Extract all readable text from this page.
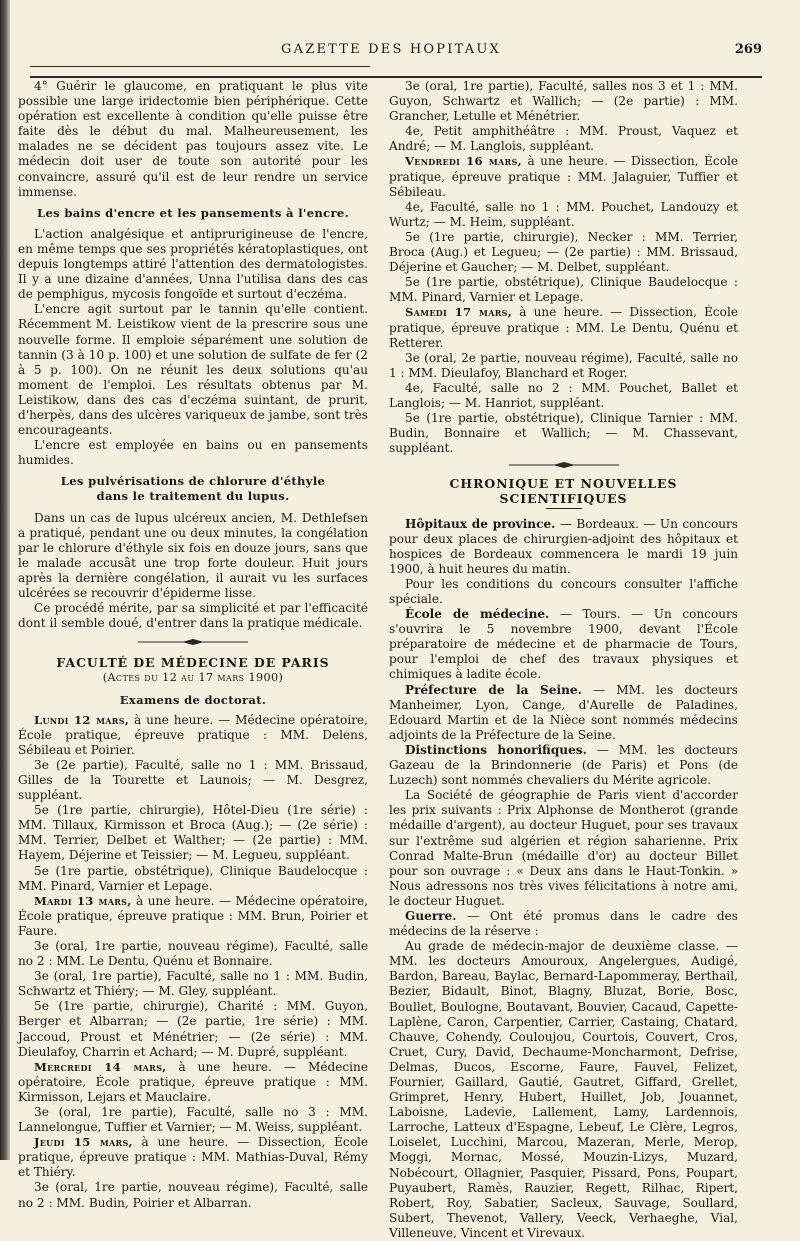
GAZETTE DES HOPITAUX	269

4° Guérir le glaucome, en pratiquant le plus vite possible une large iridectomie bien périphérique. Cette opération est excellente à condition qu'elle puisse être faite dès le début du mal. Malheureusement, les malades ne se décident pas toujours assez vite. Le médecin doit user de toute son autorité pour les convaincre, assuré qu'il est de leur rendre un service immense.

Les bains d'encre et les pansements à l'encre.

L'action analgésique et antiprurigineuse de l'encre, en même temps que ses propriétés kératoplastiques, ont depuis longtemps attiré l'attention des dermatologistes. Il y a une dizaine d'années, Unna l'utilisa dans des cas de pemphigus, mycosis fongoïde et surtout d'eczéma.

L'encre agit surtout par le tannin qu'elle contient. Récemment M. Leistikow vient de la prescrire sous une nouvelle forme. Il emploie séparément une solution de tannin (3 à 10 p. 100) et une solution de sulfate de fer (2 à 5 p. 100). On ne réunit les deux solutions qu'au moment de l'emploi. Les résultats obtenus par M. Leistikow, dans des cas d'eczéma suintant, de prurit, d'herpès, dans des ulcères variqueux de jambe, sont très encourageants.

L'encre est employée en bains ou en pansements humides.

Les pulvérisations de chlorure d'éthyle

dans le traitement du lupus.

Dans un cas de lupus ulcéreux ancien, M. Dethlefsen a pratiqué, pendant une ou deux minutes, la congélation par le chlorure d'éthyle six fois en douze jours, sans que le malade accusât une trop forte douleur. Huit jours après la dernière congélation, il aurait vu les surfaces ulcérées se recouvrir d'épiderme lisse.

Ce procédé mérite, par sa simplicité et par l'efficacité dont il semble doué, d'entrer dans la pratique médicale.

FACULTÉ DE MÉDECINE DE PARIS

(Actes du 12 au 17 mars 1900)

Examens de doctorat.

Lundi 12 mars, à une heure. — Médecine opératoire, École pratique, épreuve pratique : MM. Delens, Sébileau et Poirier.

3e (2e partie), Faculté, salle no 1 : MM. Brissaud, Gilles de la Tourette et Launois; — M. Desgrez, suppléant.

5e (1re partie, chirurgie), Hôtel-Dieu (1re série) : MM. Tillaux, Kirmisson et Broca (Aug.); — (2e série) : MM. Terrier, Delbet et Walther; — (2e partie) : MM. Hayem, Déjerine et Teissier; — M. Legueu, suppléant.

5e (1re partie, obstétrique), Clinique Baudelocque : MM. Pinard, Varnier et Lepage.

Mardi 13 mars, à une heure. — Médecine opératoire, École pratique, épreuve pratique : MM. Brun, Poirier et Faure.

3e (oral, 1re partie, nouveau régime), Faculté, salle no 2 : MM. Le Dentu, Quénu et Bonnaire.

3e (oral, 1re partie), Faculté, salle no 1 : MM. Budin, Schwartz et Thiéry; — M. Gley, suppléant.

5e (1re partie, chirurgie), Charité : MM. Guyon, Berger et Albarran; — (2e partie, 1re série) : MM. Jaccoud, Proust et Ménétrier; — (2e série) : MM. Dieulafoy, Charrin et Achard; — M. Dupré, suppléant.

Mercredi 14 mars, à une heure. — Médecine opératoire, École pratique, épreuve pratique : MM. Kirmisson, Lejars et Mauclaire.

3e (oral, 1re partie), Faculté, salle no 3 : MM. Lannelongue, Tuffier et Varnier; — M. Weiss, suppléant.

Jeudi 15 mars, à une heure. — Dissection, École pratique, épreuve pratique : MM. Mathias-Duval, Rémy et Thiéry.

3e (oral, 1re partie, nouveau régime), Faculté, salle no 2 : MM. Budin, Poirier et Albarran.

3e (oral, 1re partie), Faculté, salles nos 3 et 1 : MM. Guyon, Schwartz et Wallich; — (2e partie) : MM. Grancher, Letulle et Ménétrier.

4e, Petit amphithéâtre : MM. Proust, Vaquez et André; — M. Langlois, suppléant.

Vendredi 16 mars, à une heure. — Dissection, École pratique, épreuve pratique : MM. Jalaguier, Tuffier et Sébileau.

4e, Faculté, salle no 1 : MM. Pouchet, Landouzy et Wurtz; — M. Heim, suppléant.

5e (1re partie, chirurgie), Necker : MM. Terrier, Broca (Aug.) et Legueu; — (2e partie) : MM. Brissaud, Déjerine et Gaucher; — M. Delbet, suppléant.

5e (1re partie, obstétrique), Clinique Baudelocque : MM. Pinard, Varnier et Lepage.

Samedi 17 mars, à une heure. — Dissection, École pratique, épreuve pratique : MM. Le Dentu, Quénu et Retterer.

3e (oral, 2e partie, nouveau régime), Faculté, salle no 1 : MM. Dieulafoy, Blanchard et Roger.

4e, Faculté, salle no 2 : MM. Pouchet, Ballet et Langlois; — M. Hanriot, suppléant.

5e (1re partie, obstétrique), Clinique Tarnier : MM. Budin, Bonnaire et Wallich; — M. Chassevant, suppléant.

CHRONIQUE ET NOUVELLES SCIENTIFIQUES

Hôpitaux de province. — Bordeaux. — Un concours pour deux places de chirurgien-adjoint des hôpitaux et hospices de Bordeaux commencera le mardi 19 juin 1900, à huit heures du matin.

Pour les conditions du concours consulter l'affiche spéciale.

École de médecine. — Tours. — Un concours s'ouvrira le 5 novembre 1900, devant l'École préparatoire de médecine et de pharmacie de Tours, pour l'emploi de chef des travaux physiques et chimiques à ladite école.

Préfecture de la Seine. — MM. les docteurs Manheimer, Lyon, Cange, d'Aurelle de Paladines, Edouard Martin et de la Nièce sont nommés médecins adjoints de la Préfecture de la Seine.

Distinctions honorifiques. — MM. les docteurs Gazeau de la Brindonnerie (de Paris) et Pons (de Luzech) sont nommés chevaliers du Mérite agricole.

La Société de géographie de Paris vient d'accorder les prix suivants : Prix Alphonse de Montherot (grande médaille d'argent), au docteur Huguet, pour ses travaux sur l'extrême sud algérien et région saharienne. Prix Conrad Malte-Brun (médaille d'or) au docteur Billet pour son ouvrage : « Deux ans dans le Haut-Tonkin. » Nous adressons nos très vives félicitations à notre ami, le docteur Huguet.

Guerre. — Ont été promus dans le cadre des médecins de la réserve :

Au grade de médecin-major de deuxième classe. — MM. les docteurs Amouroux, Angelergues, Audigé, Bardon, Bareau, Baylac, Bernard-Lapommeray, Berthail, Bezier, Bidault, Binot, Blagny, Bluzat, Borie, Bosc, Boullet, Boulogne, Boutavant, Bouvier, Cacaud, Capette-Laplène, Caron, Carpentier, Carrier, Castaing, Chatard, Chauve, Cohendy, Couloujou, Courtois, Couvert, Cros, Cruet, Cury, David, Dechaume-Moncharmont, Defrise, Delmas, Ducos, Escorne, Faure, Fauvel, Felizet, Fournier, Gaillard, Gautié, Gautret, Giffard, Grellet, Grimpret, Henry, Hubert, Huillet, Job, Jouannet, Laboisne, Ladevie, Lallement, Lamy, Lardennois, Larroche, Latteux d'Espagne, Lebeuf, Le Clère, Legros, Loiselet, Lucchini, Marcou, Mazeran, Merle, Merop, Moggi, Mornac, Mossé, Mouzin-Lizys, Muzard, Nobécourt, Ollagnier, Pasquier, Pissard, Pons, Poupart, Puyaubert, Ramès, Rauzier, Regett, Rilhac, Ripert, Robert, Roy, Sabatier, Sacleux, Sauvage, Soullard, Subert, Thevenot, Vallery, Veeck, Verhaeghe, Vial, Villeneuve, Vincent et Virevaux.
